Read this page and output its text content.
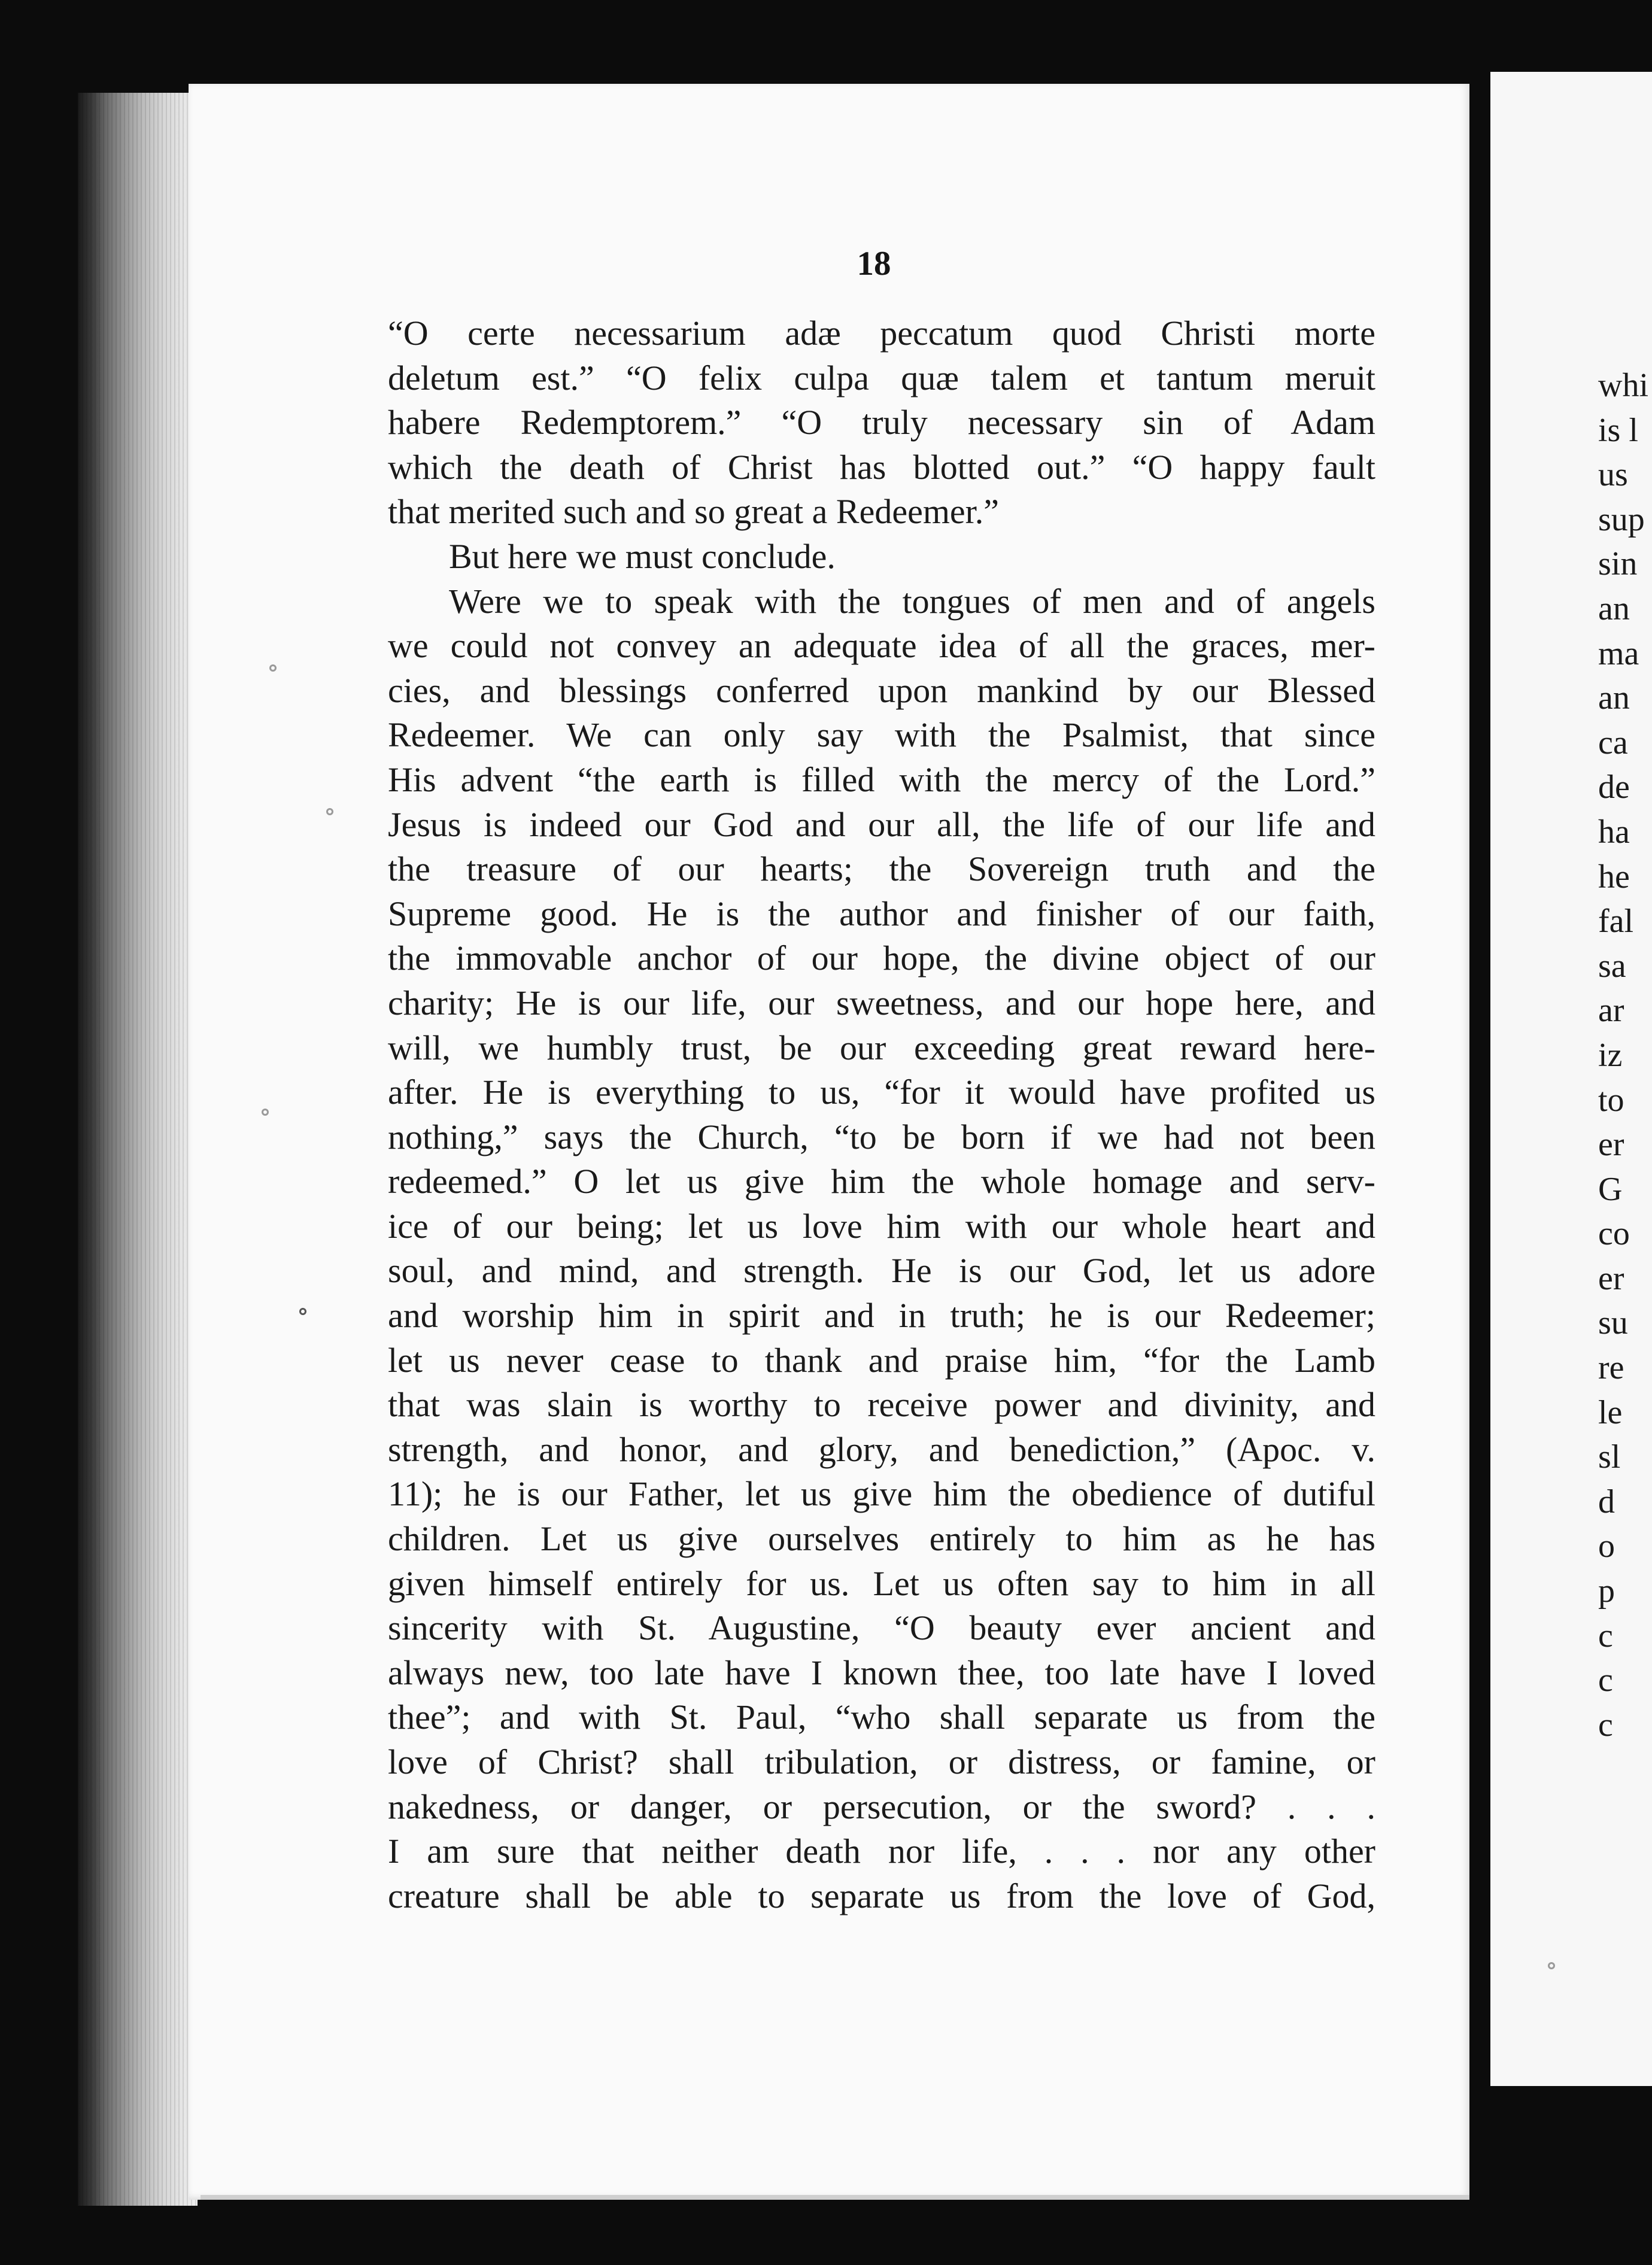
whi
is l
us
sup
sin
an
ma
an
ca
de
ha
he
fal
sa
ar
iz
to
er
G
co
er
su
re
le
sl
d
o
p
c
c
c
18
“O certe necessarium adæ peccatum quod Christi morte
deletum est.” “O felix culpa quæ talem et tantum meruit
habere Redemptorem.” “O truly necessary sin of Adam
which the death of Christ has blotted out.” “O happy fault
that merited such and so great a Redeemer.”
But here we must conclude.
Were we to speak with the tongues of men and of angels
we could not convey an adequate idea of all the graces, mer-
cies, and blessings conferred upon mankind by our Blessed
Redeemer. We can only say with the Psalmist, that since
His advent “the earth is filled with the mercy of the Lord.”
Jesus is indeed our God and our all, the life of our life and
the treasure of our hearts; the Sovereign truth and the
Supreme good. He is the author and finisher of our faith,
the immovable anchor of our hope, the divine object of our
charity; He is our life, our sweetness, and our hope here, and
will, we humbly trust, be our exceeding great reward here-
after. He is everything to us, “for it would have profited us
nothing,” says the Church, “to be born if we had not been
redeemed.” O let us give him the whole homage and serv-
ice of our being; let us love him with our whole heart and
soul, and mind, and strength. He is our God, let us adore
and worship him in spirit and in truth; he is our Redeemer;
let us never cease to thank and praise him, “for the Lamb
that was slain is worthy to receive power and divinity, and
strength, and honor, and glory, and benediction,” (Apoc. v.
11); he is our Father, let us give him the obedience of dutiful
children. Let us give ourselves entirely to him as he has
given himself entirely for us. Let us often say to him in all
sincerity with St. Augustine, “O beauty ever ancient and
always new, too late have I known thee, too late have I loved
thee”; and with St. Paul, “who shall separate us from the
love of Christ? shall tribulation, or distress, or famine, or
nakedness, or danger, or persecution, or the sword? . . .
I am sure that neither death nor life, . . . nor any other
creature shall be able to separate us from the love of God,
